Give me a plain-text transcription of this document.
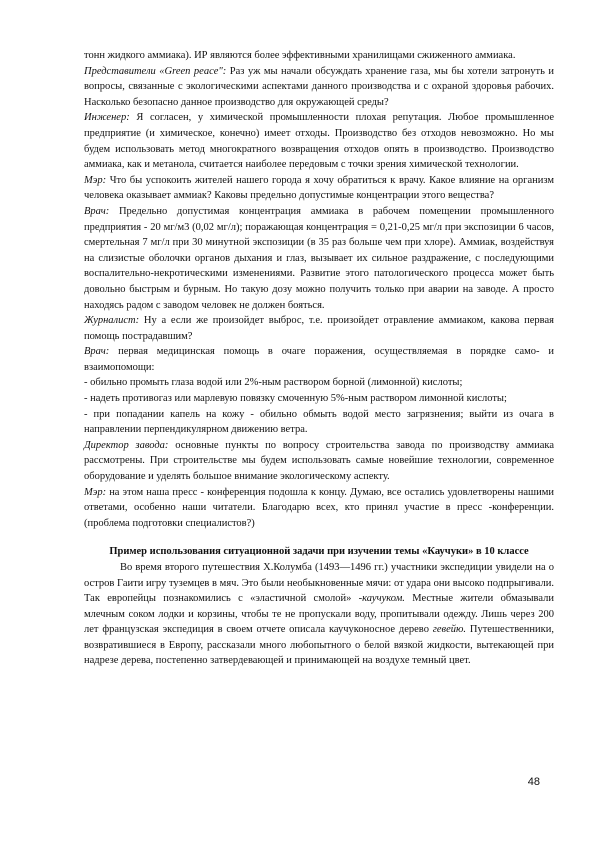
тонн жидкого аммиака). ИР являются более эффективными хранилищами сжиженного аммиака.

Представители «Green peace": Раз уж мы начали обсуждать хранение газа, мы бы хотели затронуть и вопросы, связанные с экологическими аспектами данного производства и с охраной здоровья рабочих. Насколько безопасно данное производство для окружающей среды?

Инженер: Я согласен, у химической промышленности плохая репутация. Любое промышленное предприятие (и химическое, конечно) имеет отходы. Производство без отходов невозможно. Но мы будем использовать метод многократного возвращения отходов опять в производство. Производство аммиака, как и метанола, считается наиболее передовым с точки зрения химической технологии.

Мэр: Что бы успокоить жителей нашего города я хочу обратиться к врачу. Какое влияние на организм человека оказывает аммиак? Каковы предельно допустимые концентрации этого вещества?

Врач: Предельно допустимая концентрация аммиака в рабочем помещении промышленного предприятия - 20 мг/м3 (0,02 мг/л); поражающая концентрация = 0,21-0,25 мг/л при экспозиции 6 часов, смертельная 7 мг/л при 30 минутной экспозиции (в 35 раз больше чем при хлоре). Аммиак, воздействуя на слизистые оболочки органов дыхания и глаз, вызывает их сильное раздражение, с последующими воспалительно-некротическими изменениями. Развитие этого патологического процесса может быть довольно быстрым и бурным. Но такую дозу можно получить только при аварии на заводе. А просто находясь радом с заводом человек не должен бояться.

Журналист: Ну а если же произойдет выброс, т.е. произойдет отравление аммиаком, какова первая помощь пострадавшим?

Врач: первая медицинская помощь в очаге поражения, осуществляемая в порядке само- и взаимопомощи:

- обильно промыть глаза водой или 2%-ным раствором борной (лимонной) кислоты;

- надеть противогаз или марлевую повязку смоченную 5%-ным раствором лимонной кислоты;

- при попадании капель на кожу - обильно обмыть водой место загрязнения; выйти из очага в направлении перпендикулярном движению ветра.

Директор завода: основные пункты по вопросу строительства завода по производству аммиака рассмотрены. При строительстве мы будем использовать самые новейшие технологии, современное оборудование и уделять большое внимание экологическому аспекту.

Мэр: на этом наша пресс - конференция подошла к концу. Думаю, все остались удовлетворены нашими ответами, особенно наши читатели. Благодарю всех, кто принял участие в пресс -конференции. (проблема подготовки специалистов?)

Пример использования ситуационной задачи при изучении темы «Каучуки» в 10 классе

Во время второго путешествия Х.Колумба (1493—1496 гг.) участники экспедиции увидели на о остров Гаити игру туземцев в мяч. Это были необыкновенные мячи: от удара они высоко подпрыгивали. Так европейцы познакомились с «эластичной смолой» -каучуком. Местные жители обмазывали млечным соком лодки и корзины, чтобы те не пропускали воду, пропитывали одежду. Лишь через 200 лет французская экспедиция в своем отчете описала каучуконосное дерево гевейю. Путешественники, возвратившиеся в Европу, рассказали много любопытного о белой вязкой жидкости, вытекающей при надрезе дерева, постепенно затвердевающей и принимающей на воздухе темный цвет.

48
